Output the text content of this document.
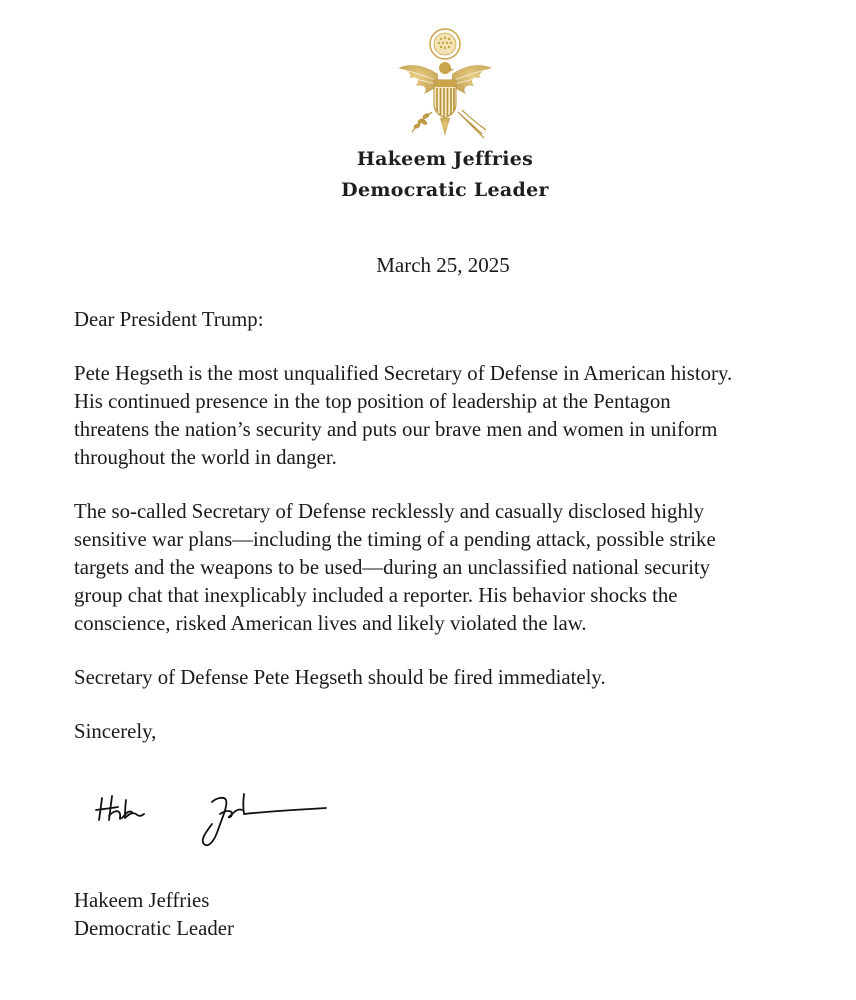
Hakeem Jeffries
Democratic Leader
March 25, 2025

Dear President Trump:

Pete Hegseth is the most unqualified Secretary of Defense in American history.
His continued presence in the top position of leadership at the Pentagon
threatens the nation’s security and puts our brave men and women in uniform
throughout the world in danger.

The so-called Secretary of Defense recklessly and casually disclosed highly
sensitive war plans—including the timing of a pending attack, possible strike
targets and the weapons to be used—during an unclassified national security
group chat that inexplicably included a reporter. His behavior shocks the
conscience, risked American lives and likely violated the law.

Secretary of Defense Pete Hegseth should be fired immediately.

Sincerely,

Hakeem Jeffries
Democratic Leader
